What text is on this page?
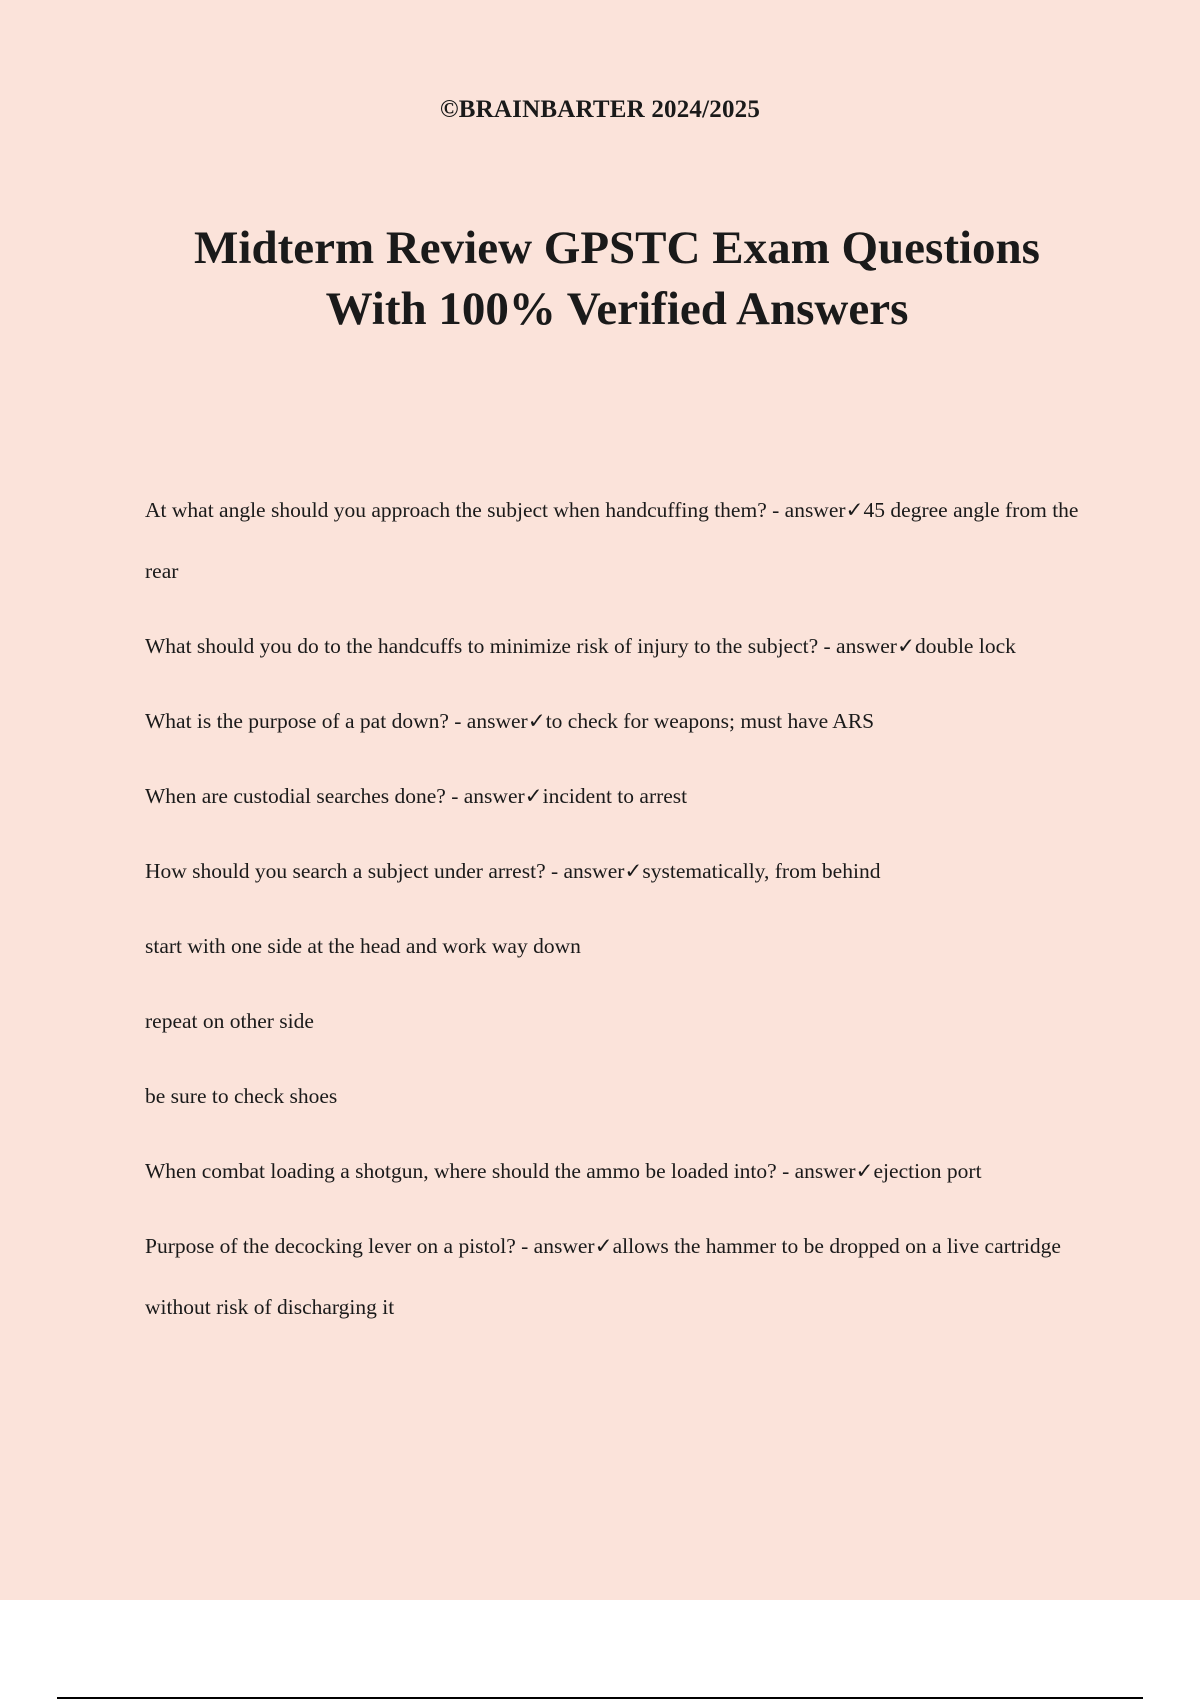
©BRAINBARTER 2024/2025
Midterm Review GPSTC Exam Questions
With 100% Verified Answers

At what angle should you approach the subject when handcuffing them? - answer✓45 degree angle from the rear

What should you do to the handcuffs to minimize risk of injury to the subject? - answer✓double lock

What is the purpose of a pat down? - answer✓to check for weapons; must have ARS

When are custodial searches done? - answer✓incident to arrest

How should you search a subject under arrest? - answer✓systematically, from behind

start with one side at the head and work way down

repeat on other side

be sure to check shoes

When combat loading a shotgun, where should the ammo be loaded into? - answer✓ejection port

Purpose of the decocking lever on a pistol? - answer✓allows the hammer to be dropped on a live cartridge without risk of discharging it
